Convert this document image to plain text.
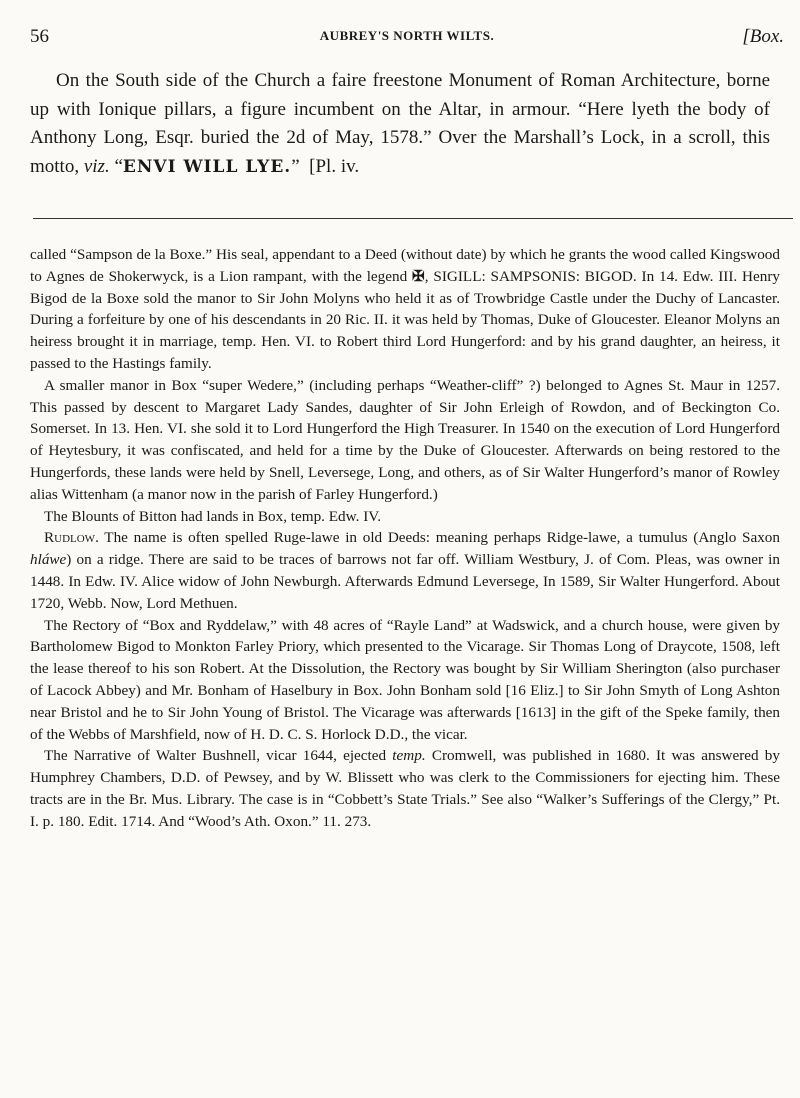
56	AUBREY'S NORTH WILTS.	[Box.

On the South side of the Church a faire freestone Monument of Roman Architecture, borne up with Ionique pillars, a figure incumbent on the Altar, in armour. “Here lyeth the body of Anthony Long, Esqr. buried the 2d of May, 1578.” Over the Marshall’s Lock, in a scroll, this motto, viz. “ENVI WILL LYE.”  [Pl. iv.

called “Sampson de la Boxe.” His seal, appendant to a Deed (without date) by which he grants the wood called Kingswood to Agnes de Shokerwyck, is a Lion rampant, with the legend ✠, SIGILL: SAMPSONIS: BIGOD. In 14. Edw. III. Henry Bigod de la Boxe sold the manor to Sir John Molyns who held it as of Trowbridge Castle under the Duchy of Lancaster. During a forfeiture by one of his descendants in 20 Ric. II. it was held by Thomas, Duke of Gloucester. Eleanor Molyns an heiress brought it in marriage, temp. Hen. VI. to Robert third Lord Hungerford: and by his grand daughter, an heiress, it passed to the Hastings family.

A smaller manor in Box “super Wedere,” (including perhaps “Weather-cliff” ?) belonged to Agnes St. Maur in 1257. This passed by descent to Margaret Lady Sandes, daughter of Sir John Erleigh of Rowdon, and of Beckington Co. Somerset. In 13. Hen. VI. she sold it to Lord Hungerford the High Treasurer. In 1540 on the execution of Lord Hungerford of Heytesbury, it was confiscated, and held for a time by the Duke of Gloucester. Afterwards on being restored to the Hungerfords, these lands were held by Snell, Leversege, Long, and others, as of Sir Walter Hungerford’s manor of Rowley alias Wittenham (a manor now in the parish of Farley Hungerford.)

The Blounts of Bitton had lands in Box, temp. Edw. IV.

Rudlow. The name is often spelled Ruge-lawe in old Deeds: meaning perhaps Ridge-lawe, a tumulus (Anglo Saxon hláwe) on a ridge. There are said to be traces of barrows not far off. William Westbury, J. of Com. Pleas, was owner in 1448. In Edw. IV. Alice widow of John Newburgh. Afterwards Edmund Leversege, In 1589, Sir Walter Hungerford. About 1720, Webb. Now, Lord Methuen.

The Rectory of “Box and Ryddelaw,” with 48 acres of “Rayle Land” at Wadswick, and a church house, were given by Bartholomew Bigod to Monkton Farley Priory, which presented to the Vicarage. Sir Thomas Long of Draycote, 1508, left the lease thereof to his son Robert. At the Dissolution, the Rectory was bought by Sir William Sherington (also purchaser of Lacock Abbey) and Mr. Bonham of Haselbury in Box. John Bonham sold [16 Eliz.] to Sir John Smyth of Long Ashton near Bristol and he to Sir John Young of Bristol. The Vicarage was afterwards [1613] in the gift of the Speke family, then of the Webbs of Marshfield, now of H. D. C. S. Horlock D.D., the vicar.

The Narrative of Walter Bushnell, vicar 1644, ejected temp. Cromwell, was published in 1680. It was answered by Humphrey Chambers, D.D. of Pewsey, and by W. Blissett who was clerk to the Commissioners for ejecting him. These tracts are in the Br. Mus. Library. The case is in “Cobbett’s State Trials.” See also “Walker’s Sufferings of the Clergy,” Pt. I. p. 180. Edit. 1714. And “Wood’s Ath. Oxon.” 11. 273.
